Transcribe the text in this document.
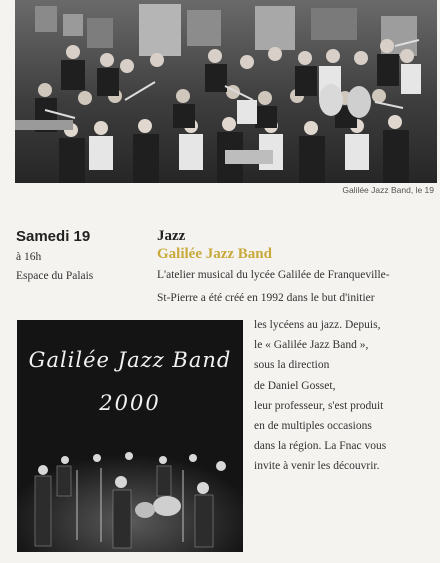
Galilée Jazz Band, le 19
Samedi 19
à 16h
Espace du Palais
Jazz
Galilée Jazz Band
L'atelier musical du lycée Galilée de Franqueville-
St-Pierre a été créé en 1992 dans le but d'initier
les lycéens au jazz. Depuis,
le « Galilée Jazz Band »,
sous la direction
de Daniel Gosset,
leur professeur, s'est produit
en de multiples occasions
dans la région. La Fnac vous
invite à venir les découvrir.
Galilée Jazz Band
2000
